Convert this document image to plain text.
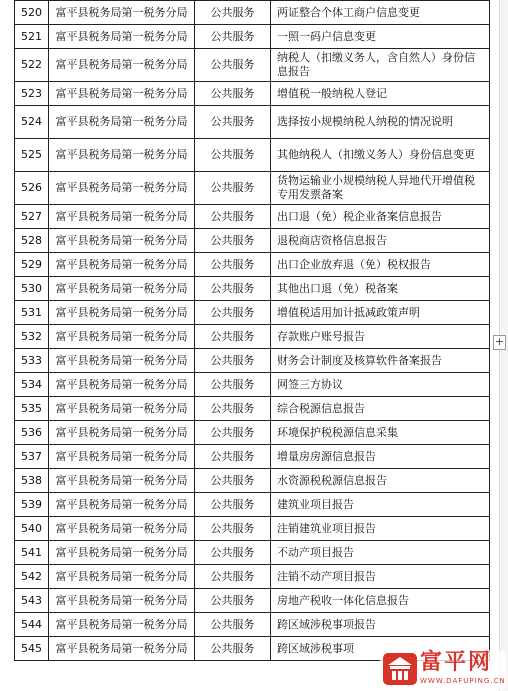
520	富平县税务局第一税务分局	公共服务	两证整合个体工商户信息变更
521	富平县税务局第一税务分局	公共服务	一照一码户信息变更
522	富平县税务局第一税务分局	公共服务	纳税人（扣缴义务人，含自然人）身份信息报告
523	富平县税务局第一税务分局	公共服务	增值税一般纳税人登记
524	富平县税务局第一税务分局	公共服务	选择按小规模纳税人纳税的情况说明
525	富平县税务局第一税务分局	公共服务	其他纳税人（扣缴义务人）身份信息变更
526	富平县税务局第一税务分局	公共服务	货物运输业小规模纳税人异地代开增值税专用发票备案
527	富平县税务局第一税务分局	公共服务	出口退（免）税企业备案信息报告
528	富平县税务局第一税务分局	公共服务	退税商店资格信息报告
529	富平县税务局第一税务分局	公共服务	出口企业放弃退（免）税权报告
530	富平县税务局第一税务分局	公共服务	其他出口退（免）税备案
531	富平县税务局第一税务分局	公共服务	增值税适用加计抵减政策声明
532	富平县税务局第一税务分局	公共服务	存款账户账号报告
533	富平县税务局第一税务分局	公共服务	财务会计制度及核算软件备案报告
534	富平县税务局第一税务分局	公共服务	网签三方协议
535	富平县税务局第一税务分局	公共服务	综合税源信息报告
536	富平县税务局第一税务分局	公共服务	环境保护税税源信息采集
537	富平县税务局第一税务分局	公共服务	增量房房源信息报告
538	富平县税务局第一税务分局	公共服务	水资源税税源信息报告
539	富平县税务局第一税务分局	公共服务	建筑业项目报告
540	富平县税务局第一税务分局	公共服务	注销建筑业项目报告
541	富平县税务局第一税务分局	公共服务	不动产项目报告
542	富平县税务局第一税务分局	公共服务	注销不动产项目报告
543	富平县税务局第一税务分局	公共服务	房地产税收一体化信息报告
544	富平县税务局第一税务分局	公共服务	跨区域涉税事项报告
545	富平县税务局第一税务分局	公共服务	跨区域涉税事项
+
富平网
WWW.DAFUPING.CN
